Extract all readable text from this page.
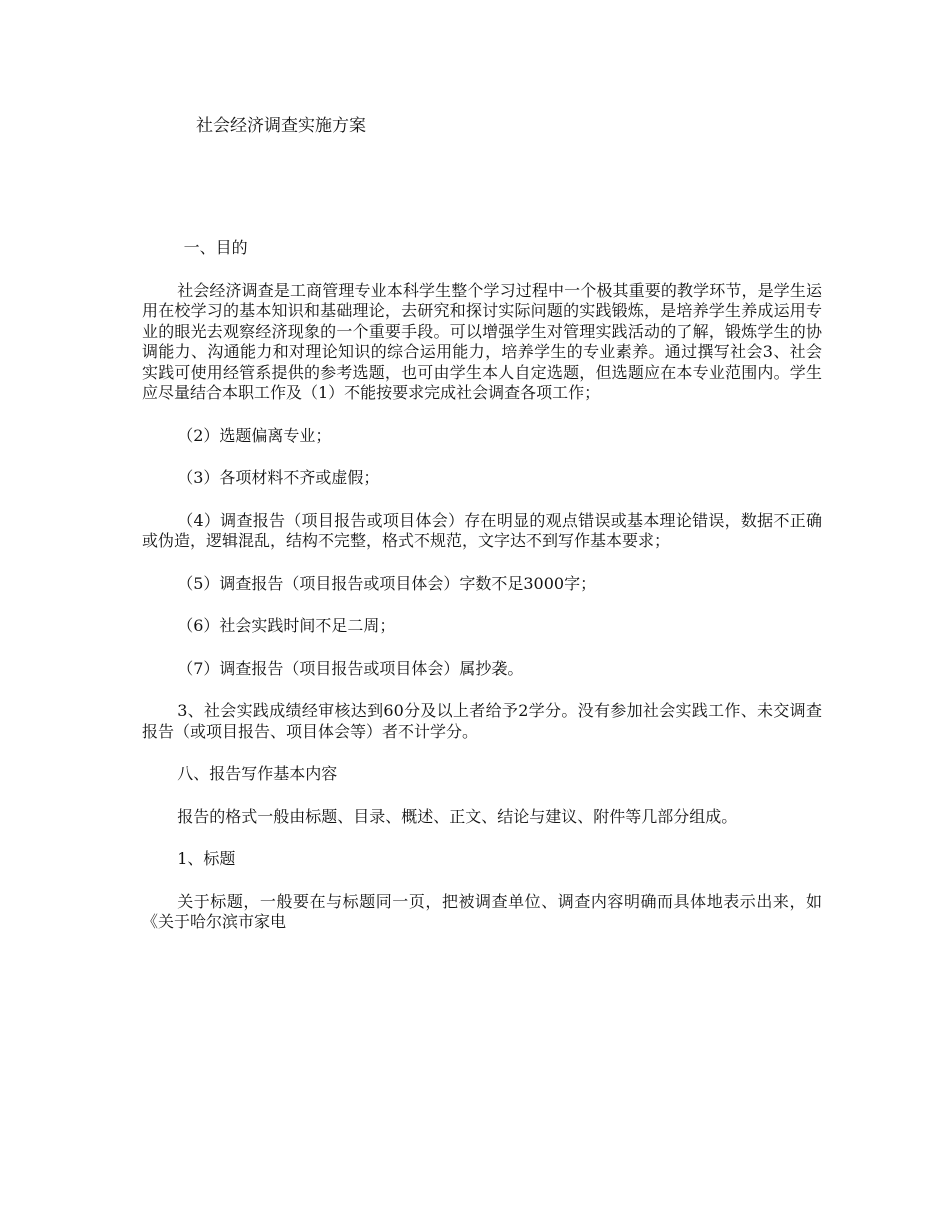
社会经济调查实施方案

一、目的

社会经济调查是工商管理专业本科学生整个学习过程中一个极其重要的教学环节，是学生运用在校学习的基本知识和基础理论，去研究和探讨实际问题的实践锻炼，是培养学生养成运用专业的眼光去观察经济现象的一个重要手段。可以增强学生对管理实践活动的了解，锻炼学生的协调能力、沟通能力和对理论知识的综合运用能力，培养学生的专业素养。通过撰写社会3、社会实践可使用经管系提供的参考选题，也可由学生本人自定选题，但选题应在本专业范围内。学生应尽量结合本职工作及（1）不能按要求完成社会调查各项工作；

（2）选题偏离专业；

（3）各项材料不齐或虚假；

（4）调查报告（项目报告或项目体会）存在明显的观点错误或基本理论错误，数据不正确或伪造，逻辑混乱，结构不完整，格式不规范，文字达不到写作基本要求；

（5）调查报告（项目报告或项目体会）字数不足3000字；

（6）社会实践时间不足二周；

（7）调查报告（项目报告或项目体会）属抄袭。

3、社会实践成绩经审核达到60分及以上者给予2学分。没有参加社会实践工作、未交调查报告（或项目报告、项目体会等）者不计学分。

八、报告写作基本内容

报告的格式一般由标题、目录、概述、正文、结论与建议、附件等几部分组成。

1、标题

关于标题，一般要在与标题同一页，把被调查单位、调查内容明确而具体地表示出来，如《关于哈尔滨市家电
